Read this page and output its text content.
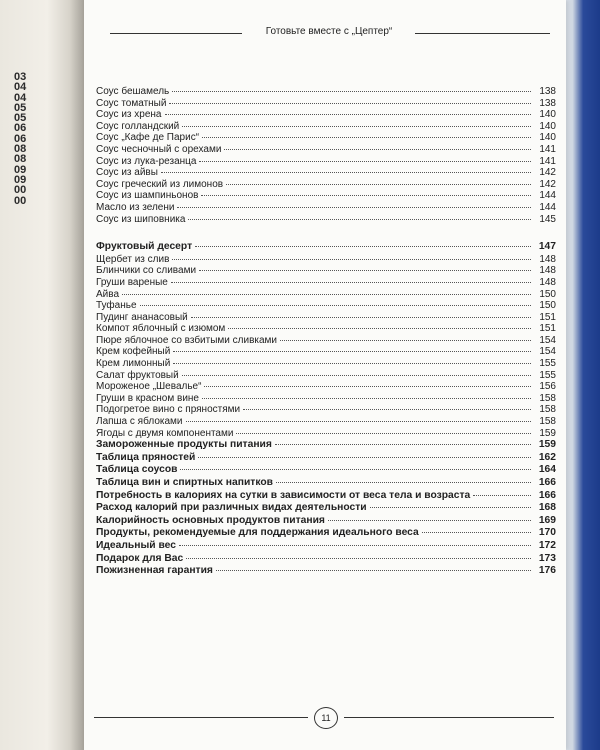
03
04
04
05
05
06
06
08
08
09
09
00
00
Готовьте вместе с „Цептер“
Соус бешамель	138
Соус томатный	138
Соус из хрена	140
Соус голландский	140
Соус „Кафе де Парис“	140
Соус чесночный с орехами	141
Соус из лука-резанца	141
Соус из айвы	142
Соус греческий из лимонов	142
Соус из шампиньонов	144
Масло из зелени	144
Соус из шиповника	145
Фруктовый десерт	147
Щербет из слив	148
Блинчики со сливами	148
Груши вареные	148
Айва	150
Туфанье	150
Пудинг ананасовый	151
Компот яблочный с изюмом	151
Пюре яблочное со взбитыми сливками	154
Крем кофейный	154
Крем лимонный	155
Салат фруктовый	155
Мороженое „Шевалье“	156
Груши в красном вине	158
Подогретое вино с пряностями	158
Лапша с яблоками	158
Ягоды с двумя компонентами	159
Замороженные продукты питания	159
Таблица пряностей	162
Таблица соусов	164
Таблица вин и спиртных напитков	166
Потребность в калориях на сутки в зависимости от веса тела и возраста	166
Расход калорий при различных видах деятельности	168
Калорийность основных продуктов питания	169
Продукты, рекомендуемые для поддержания идеального веса	170
Идеальный вес	172
Подарок для Вас	173
Пожизненная гарантия	176
11
